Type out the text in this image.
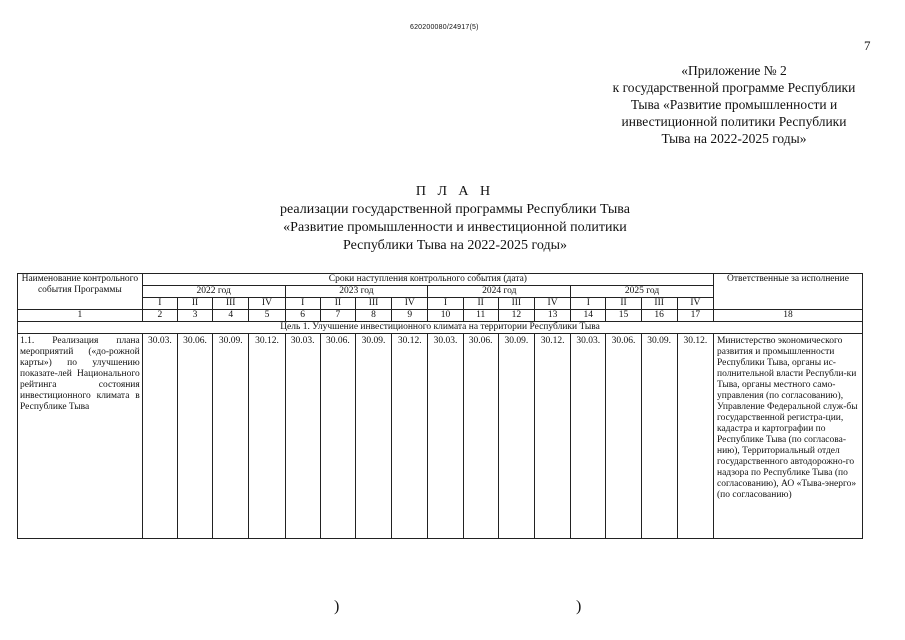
620200080/24917(5)
7
«Приложение № 2
к государственной программе Республики
Тыва «Развитие промышленности и
инвестиционной политики Республики
Тыва на 2022-2025 годы»
П Л А Н
реализации государственной программы Республики Тыва
«Развитие промышленности и инвестиционной политики
Республики Тыва на 2022-2025 годы»
Наименование контрольного события Программы	Сроки наступления контрольного события (дата)																Ответственные за исполнение
	2022 год				2023 год				2024 год				2025 год				
	I	II	III	IV	I	II	III	IV	I	II	III	IV	I	II	III	IV	
1	2	3	4	5	6	7	8	9	10	11	12	13	14	15	16	17	18
Цель 1. Улучшение инвестиционного климата на территории Республики Тыва																	
1.1. Реализация плана мероприятий («до-рожной карты») по улучшению показате-лей Национального рейтинга состояния инвестиционного климата в Республике Тыва	30.03.	30.06.	30.09.	30.12.	30.03.	30.06.	30.09.	30.12.	30.03.	30.06.	30.09.	30.12.	30.03.	30.06.	30.09.	30.12.	Министерство экономического развития и промышленности Республики Тыва, органы ис-полнительной власти Республи-ки Тыва, органы местного само-управления (по согласованию), Управление Федеральной служ-бы государственной регистра-ции, кадастра и картографии по Республике Тыва (по согласова-нию), Территориальный отдел государственного автодорожно-го надзора по Республике Тыва (по согласованию), АО «Тыва-энерго» (по согласованию)
)	)
